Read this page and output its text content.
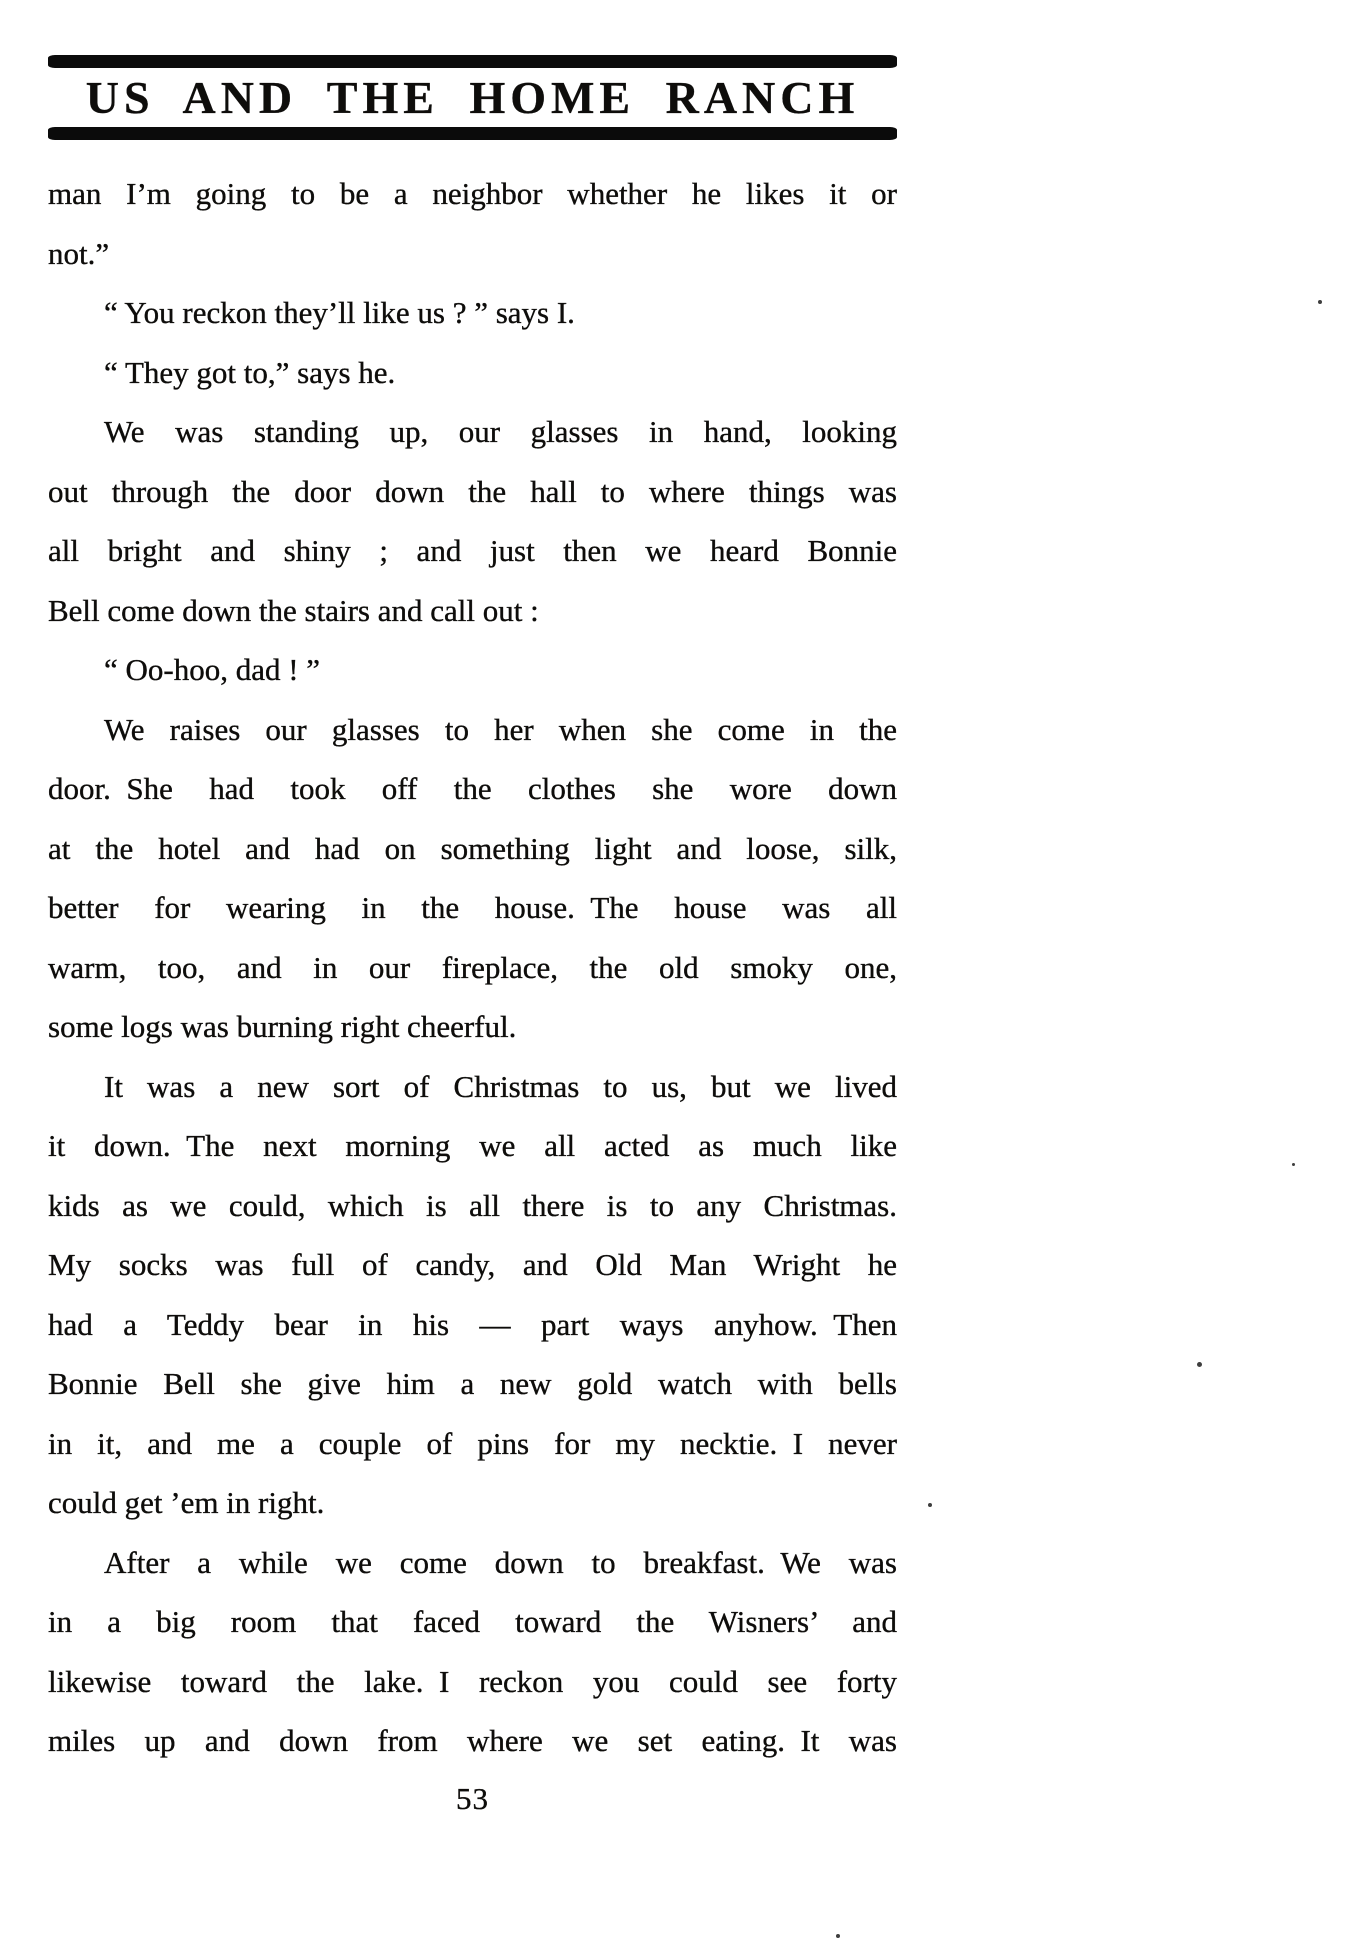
US AND THE HOME RANCH
man I’m going to be a neighbor whether he likes it or
not.”
“ You reckon they’ll like us ? ” says I.
“ They got to,” says he.
We was standing up, our glasses in hand, looking
out through the door down the hall to where things was
all bright and shiny ; and just then we heard Bonnie
Bell come down the stairs and call out :
“ Oo-hoo, dad ! ”
We raises our glasses to her when she come in the
door. She had took off the clothes she wore down
at the hotel and had on something light and loose, silk,
better for wearing in the house. The house was all
warm, too, and in our fireplace, the old smoky one,
some logs was burning right cheerful.
It was a new sort of Christmas to us, but we lived
it down. The next morning we all acted as much like
kids as we could, which is all there is to any Christmas.
My socks was full of candy, and Old Man Wright he
had a Teddy bear in his — part ways anyhow. Then
Bonnie Bell she give him a new gold watch with bells
in it, and me a couple of pins for my necktie. I never
could get ’em in right.
After a while we come down to breakfast. We was
in a big room that faced toward the Wisners’ and
likewise toward the lake. I reckon you could see forty
miles up and down from where we set eating. It was
53
